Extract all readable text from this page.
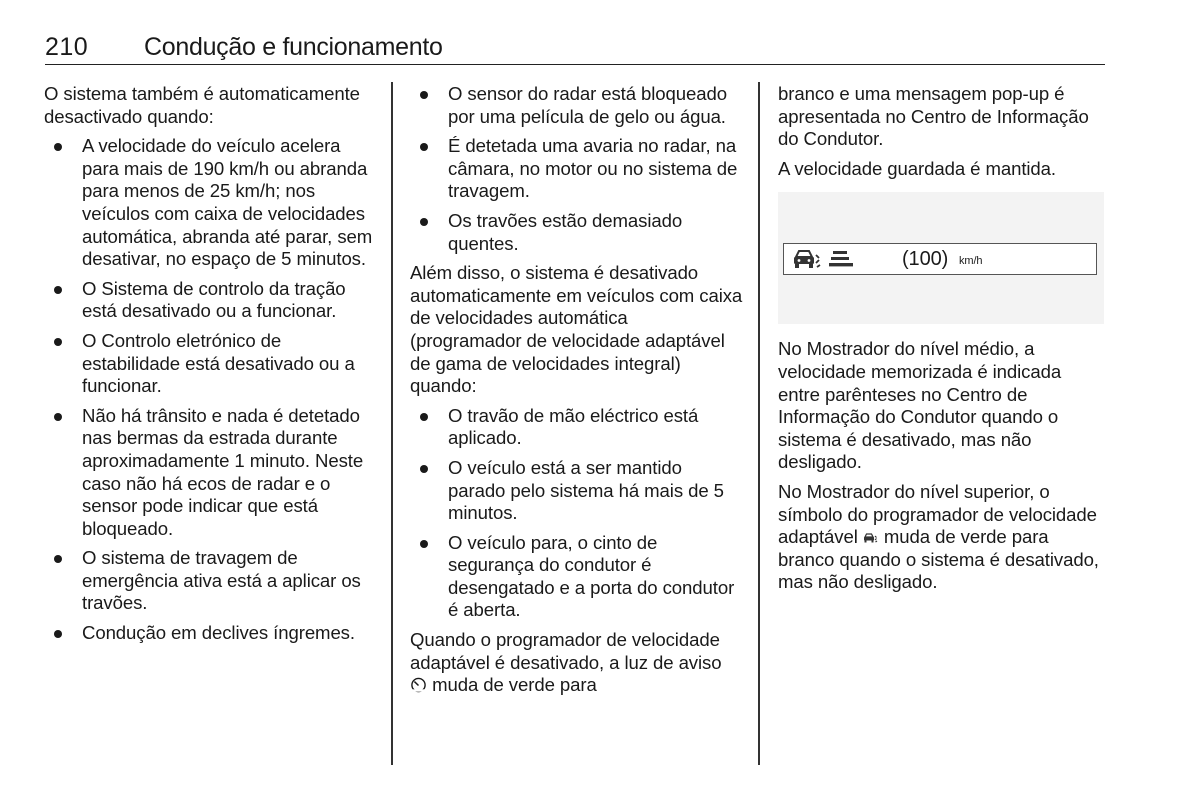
210 Condução e funcionamento

O sistema também é automaticamente desactivado quando:

A velocidade do veículo acelera para mais de 190 km/h ou abranda para menos de 25 km/h; nos veículos com caixa de velocidades automática, abranda até parar, sem desativar, no espaço de 5 minutos.
O Sistema de controlo da tração está desativado ou a funcionar.
O Controlo eletrónico de estabilidade está desativado ou a funcionar.
Não há trânsito e nada é detetado nas bermas da estrada durante aproximadamente 1 minuto. Neste caso não há ecos de radar e o sensor pode indicar que está bloqueado.
O sistema de travagem de emergência ativa está a aplicar os travões.
Condução em declives íngremes.
O sensor do radar está bloqueado por uma película de gelo ou água.
É detetada uma avaria no radar, na câmara, no motor ou no sistema de travagem.
Os travões estão demasiado quentes.

Além disso, o sistema é desativado automaticamente em veículos com caixa de velocidades automática (programador de velocidade adaptável de gama de velocidades integral) quando:

O travão de mão eléctrico está aplicado.
O veículo está a ser mantido parado pelo sistema há mais de 5 minutos.
O veículo para, o cinto de segurança do condutor é desengatado e a porta do condutor é aberta.

Quando o programador de velocidade adaptável é desativado, a luz de aviso  muda de verde para

branco e uma mensagem pop-up é apresentada no Centro de Informação do Condutor.

A velocidade guardada é mantida.

(100) km/h

No Mostrador do nível médio, a velocidade memorizada é indicada entre parênteses no Centro de Informação do Condutor quando o sistema é desativado, mas não desligado.

No Mostrador do nível superior, o símbolo do programador de velocidade adaptável muda de verde para branco quando o sistema é desativado, mas não desligado.
